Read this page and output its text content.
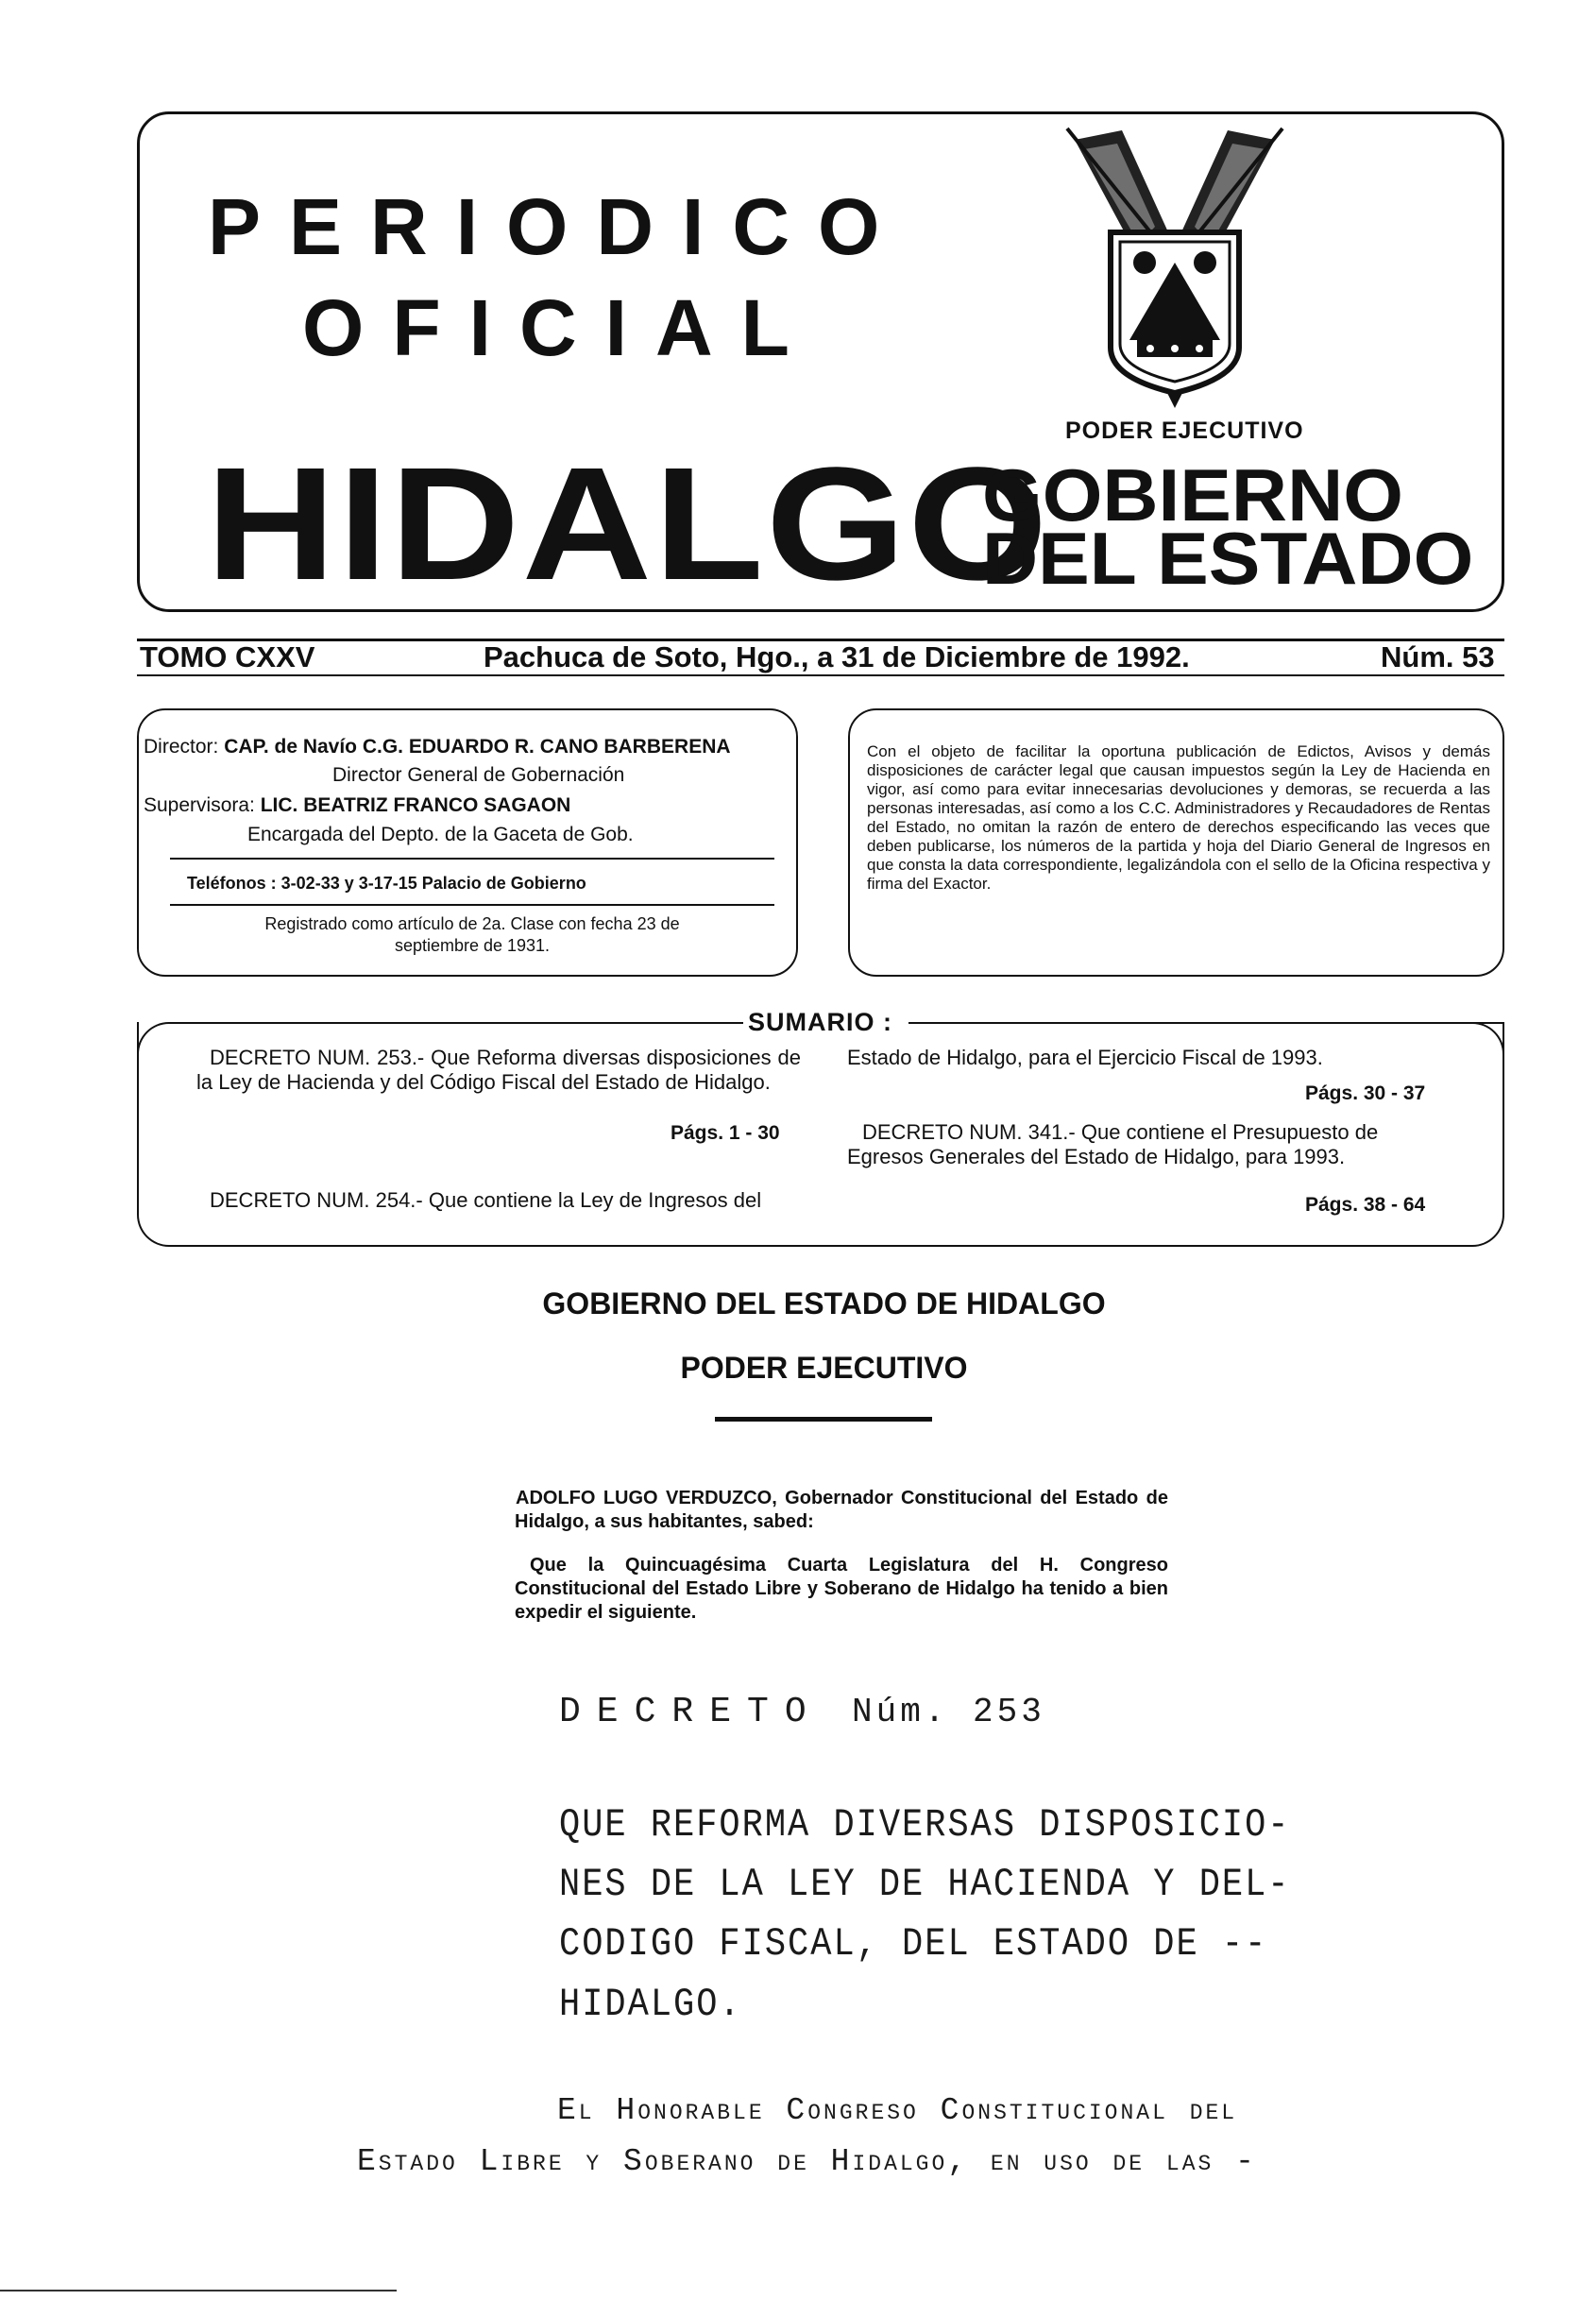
PERIODICO
OFICIAL
HIDALGO
PODER EJECUTIVO
GOBIERNO
DEL ESTADO
TOMO CXXV	Pachuca de Soto, Hgo., a 31 de Diciembre de 1992.	Núm. 53
Director: CAP. de Navío C.G. EDUARDO R. CANO BARBERENA
Director General de Gobernación
Supervisora: LIC. BEATRIZ FRANCO SAGAON
Encargada del Depto. de la Gaceta de Gob.
Teléfonos : 3-02-33 y 3-17-15 Palacio de Gobierno
Registrado como artículo de 2a. Clase con fecha 23 de septiembre de 1931.
Con el objeto de facilitar la oportuna publicación de Edictos, Avisos y demás disposiciones de carácter legal que causan impuestos según la Ley de Hacienda en vigor, así como para evitar innecesarias devoluciones y demoras, se recuerda a las personas interesadas, así como a los C.C. Administradores y Recaudadores de Rentas del Estado, no omitan la razón de entero de derechos especificando las veces que deben publicarse, los números de la partida y hoja del Diario General de Ingresos en que consta la data correspondiente, legalizándola con el sello de la Oficina respectiva y firma del Exactor.
SUMARIO :
DECRETO NUM. 253.- Que Reforma diversas disposiciones de la Ley de Hacienda y del Código Fiscal del Estado de Hidalgo.
Págs. 1 - 30
DECRETO NUM. 254.- Que contiene la Ley de Ingresos del
Estado de Hidalgo, para el Ejercicio Fiscal de 1993.
Págs. 30 - 37
DECRETO NUM. 341.- Que contiene el Presupuesto de Egresos Generales del Estado de Hidalgo, para 1993.
Págs. 38 - 64
GOBIERNO DEL ESTADO DE HIDALGO
PODER EJECUTIVO
ADOLFO LUGO VERDUZCO, Gobernador Constitucional del Estado de Hidalgo, a sus habitantes, sabed:
Que la Quincuagésima Cuarta Legislatura del H. Congreso Constitucional del Estado Libre y Soberano de Hidalgo ha tenido a bien expedir el siguiente.
DECRETO Núm. 253
QUE REFORMA DIVERSAS DISPOSICIO-
NES DE LA LEY DE HACIENDA Y DEL-
CODIGO FISCAL, DEL ESTADO DE --
HIDALGO.
El Honorable Congreso Constitucional del
Estado Libre y Soberano de Hidalgo, en uso de las -
